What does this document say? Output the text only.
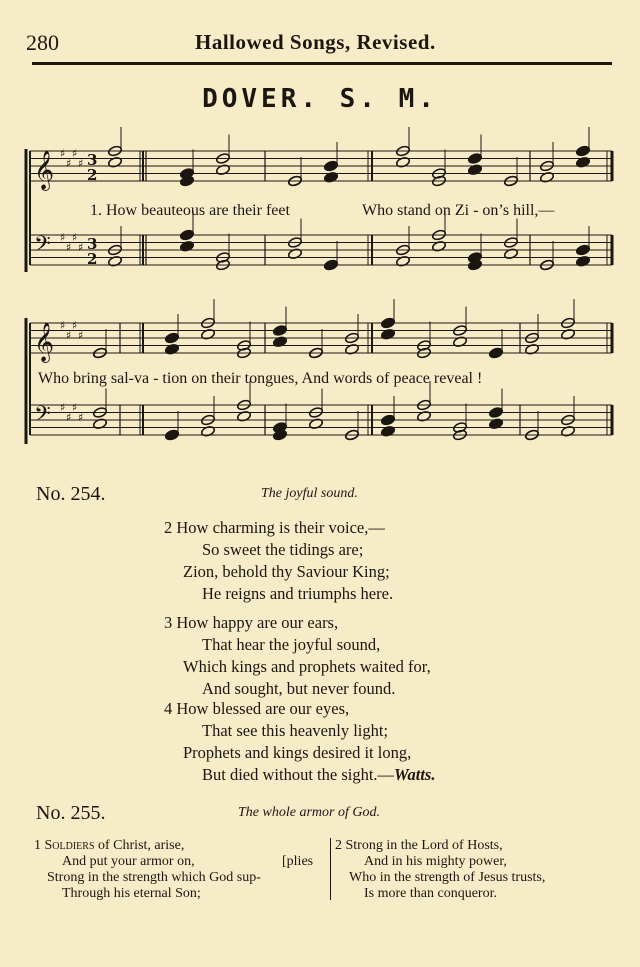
280	Hallowed Songs, Revised.
DOVER. S. M.
𝄞 ♯
♯
♯
♯ 3
2
𝄢 ♯
♯
♯
♯ 3
2
𝄞 ♯
♯
♯
♯
𝄢 ♯
♯
♯
♯
1. How beauteous are their feet	Who stand on Zi - on’s hill,—
Who bring sal-va - tion on their tongues, And words of peace reveal !
No. 254.	The joyful sound.
2 How charming is their voice,—
So sweet the tidings are;
Zion, behold thy Saviour King;
He reigns and triumphs here.
3 How happy are our ears,
That hear the joyful sound,
Which kings and prophets waited for,
And sought, but never found.
4 How blessed are our eyes,
That see this heavenly light;
Prophets and kings desired it long,
But died without the sight.—Watts.
No. 255.	The whole armor of God.
1 Soldiers of Christ, arise,
And put your armor on,	[plies
Strong in the strength which God sup-
Through his eternal Son;
2 Strong in the Lord of Hosts,
And in his mighty power,
Who in the strength of Jesus trusts,
Is more than conqueror.
